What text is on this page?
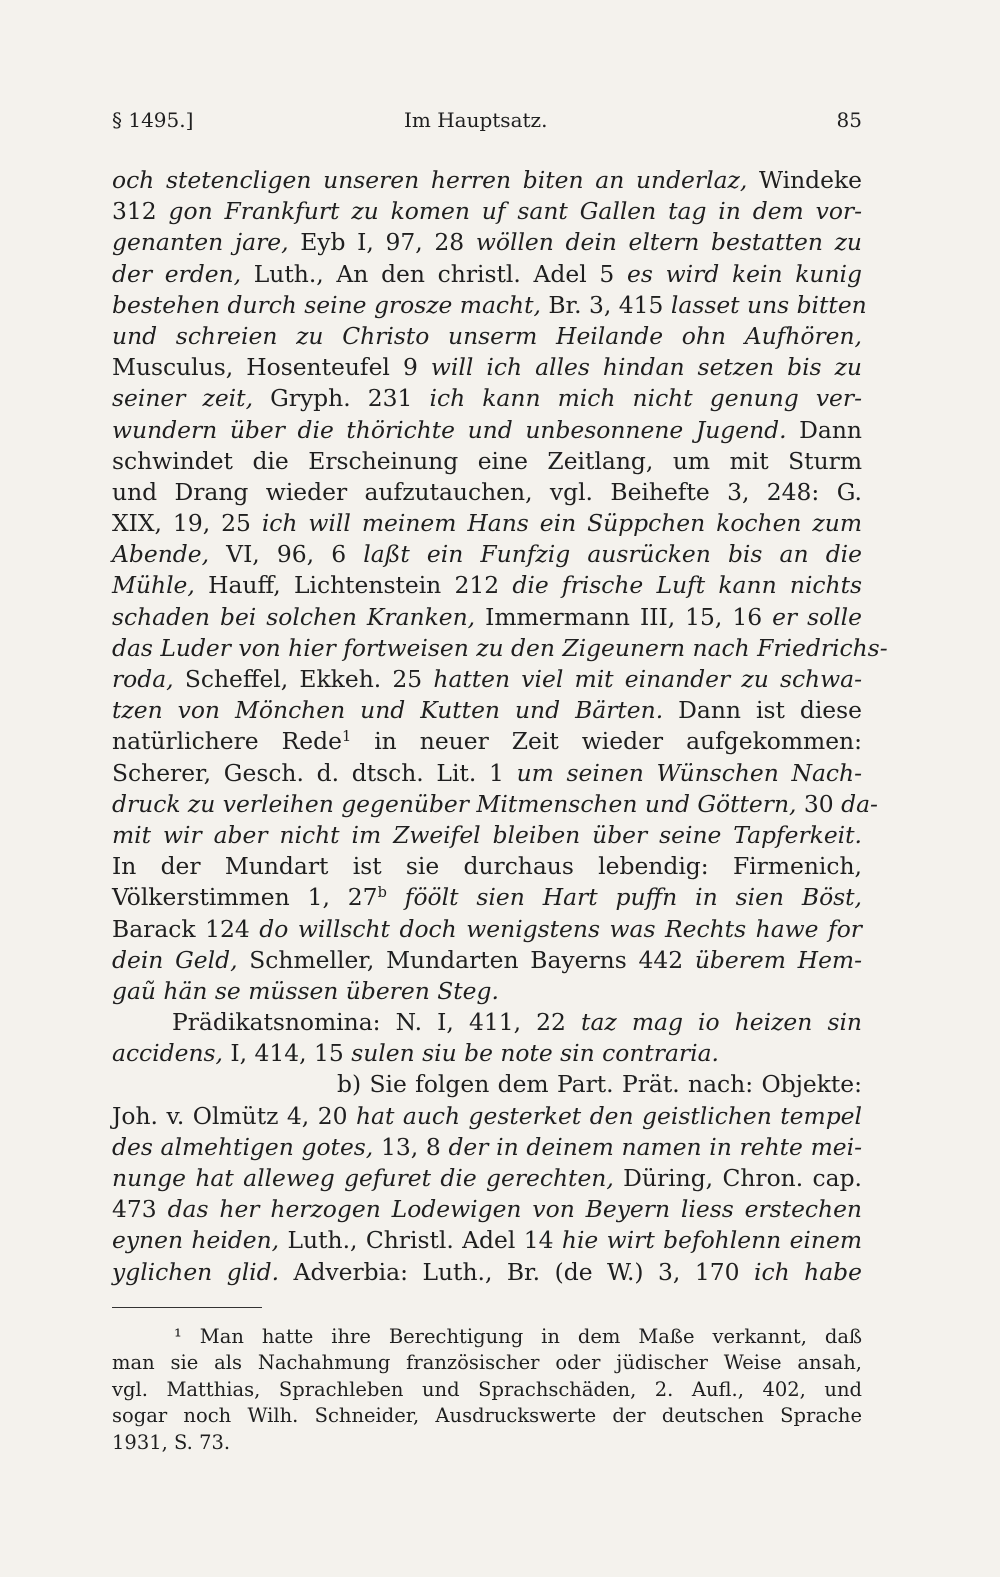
§ 1495.]	Im Hauptsatz.	85
och stetencligen unseren herren biten an underlaz, Windeke
312 gon Frankfurt zu komen uf sant Gallen tag in dem vor-
genanten jare, Eyb I, 97, 28 wöllen dein eltern bestatten zu
der erden, Luth., An den christl. Adel 5 es wird kein kunig
bestehen durch seine grosze macht, Br. 3, 415 lasset uns bitten
und schreien zu Christo unserm Heilande ohn Aufhören,
Musculus, Hosenteufel 9 will ich alles hindan setzen bis zu
seiner zeit, Gryph. 231 ich kann mich nicht genung ver-
wundern über die thörichte und unbesonnene Jugend. Dann
schwindet die Erscheinung eine Zeitlang, um mit Sturm
und Drang wieder aufzutauchen, vgl. Beihefte 3, 248: G.
XIX, 19, 25 ich will meinem Hans ein Süppchen kochen zum
Abende, VI, 96, 6 laßt ein Funfzig ausrücken bis an die
Mühle, Hauff, Lichtenstein 212 die frische Luft kann nichts
schaden bei solchen Kranken, Immermann III, 15, 16 er solle
das Luder von hier fortweisen zu den Zigeunern nach Friedrichs-
roda, Scheffel, Ekkeh. 25 hatten viel mit einander zu schwa-
tzen von Mönchen und Kutten und Bärten. Dann ist diese
natürlichere Rede$^1$ in neuer Zeit wieder aufgekommen:
Scherer, Gesch. d. dtsch. Lit. 1 um seinen Wünschen Nach-
druck zu verleihen gegenüber Mitmenschen und Göttern, 30 da-
mit wir aber nicht im Zweifel bleiben über seine Tapferkeit.
In der Mundart ist sie durchaus lebendig: Firmenich,
Völkerstimmen 1, 27$^b$ föölt sien Hart puffn in sien Böst,
Barack 124 do willscht doch wenigstens was Rechts hawe for
dein Geld, Schmeller, Mundarten Bayerns 442 überem Hem-
gaũ hän se müssen überen Steg.
Prädikatsnomina: N. I, 411, 22 taz mag io heizen sin
accidens, I, 414, 15 sulen siu be note sin contraria.
b) Sie folgen dem Part. Prät. nach: Objekte:
Joh. v. Olmütz 4, 20 hat auch gesterket den geistlichen tempel
des almehtigen gotes, 13, 8 der in deinem namen in rehte mei-
nunge hat alleweg gefuret die gerechten, Düring, Chron. cap.
473 das her herzogen Lodewigen von Beyern liess erstechen
eynen heiden, Luth., Christl. Adel 14 hie wirt befohlenn einem
yglichen glid. Adverbia: Luth., Br. (de W.) 3, 170 ich habe
¹ Man hatte ihre Berechtigung in dem Maße verkannt, daß
man sie als Nachahmung französischer oder jüdischer Weise ansah,
vgl. Matthias, Sprachleben und Sprachschäden, 2. Aufl., 402, und
sogar noch Wilh. Schneider, Ausdruckswerte der deutschen Sprache
1931, S. 73.
